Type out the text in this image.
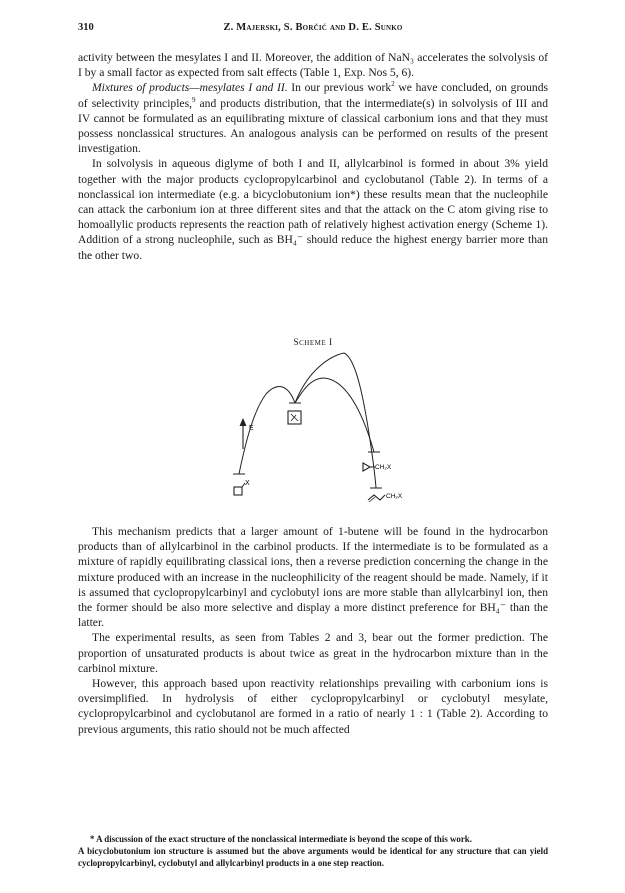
310	Z. Majerski, S. Borčić and D. E. Sunko

activity between the mesylates I and II. Moreover, the addition of NaN₃ accelerates the solvolysis of I by a small factor as expected from salt effects (Table 1, Exp. Nos 5, 6).

Mixtures of products—mesylates I and II. In our previous work$^2$ we have concluded, on grounds of selectivity principles,$^9$ and products distribution, that the intermediate(s) in solvolysis of III and IV cannot be formulated as an equilibrating mixture of classical carbonium ions and that they must possess nonclassical structures. An analogous analysis can be performed on results of the present investigation.

In solvolysis in aqueous diglyme of both I and II, allylcarbinol is formed in about 3% yield together with the major products cyclopropylcarbinol and cyclobutanol (Table 2). In terms of a nonclassical ion intermediate (e.g. a bicyclobutonium ion*) these results mean that the nucleophile can attack the carbonium ion at three different sites and that the attack on the C atom giving rise to homoallylic products represents the reaction path of relatively highest activation energy (Scheme 1). Addition of a strong nucleophile, such as BH₄⁻ should reduce the highest energy barrier more than the other two.

Scheme I
E
X
CH₂X
CH₂X

This mechanism predicts that a larger amount of 1-butene will be found in the hydrocarbon products than of allylcarbinol in the carbinol products. If the intermediate is to be formulated as a mixture of rapidly equilibrating classical ions, then a reverse prediction concerning the change in the mixture produced with an increase in the nucleophilicity of the reagent should be made. Namely, if it is assumed that cyclopropylcarbinyl and cyclobutyl ions are more stable than allylcarbinyl ion, then the former should be also more selective and display a more distinct preference for BH₄⁻ than the latter.

The experimental results, as seen from Tables 2 and 3, bear out the former prediction. The proportion of unsaturated products is about twice as great in the hydrocarbon mixture than in the carbinol mixture.

However, this approach based upon reactivity relationships prevailing with carbonium ions is oversimplified. In hydrolysis of either cyclopropylcarbinyl or cyclobutyl mesylate, cyclopropylcarbinol and cyclobutanol are formed in a ratio of nearly 1 : 1 (Table 2). According to previous arguments, this ratio should not be much affected

* A discussion of the exact structure of the nonclassical intermediate is beyond the scope of this work.

A bicyclobutonium ion structure is assumed but the above arguments would be identical for any structure that can yield cyclopropylcarbinyl, cyclobutyl and allylcarbinyl products in a one step reaction.
